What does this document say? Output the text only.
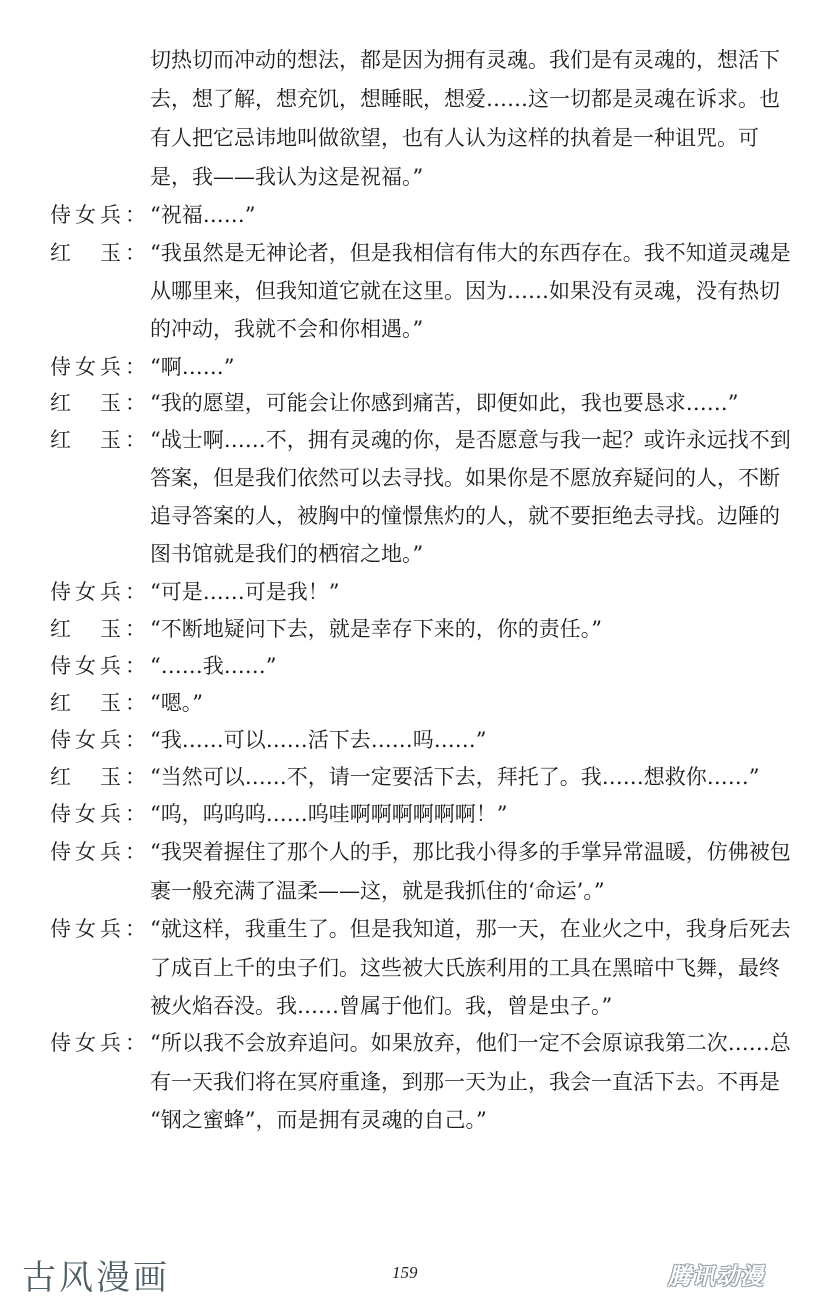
切热切而冲动的想法，都是因为拥有灵魂。我们是有灵魂的，想活下
去，想了解，想充饥，想睡眠，想爱……这一切都是灵魂在诉求。也
有人把它忌讳地叫做欲望，也有人认为这样的执着是一种诅咒。可
是，我——我认为这是祝福。”
侍女兵： “祝福……”
红　玉： “我虽然是无神论者，但是我相信有伟大的东西存在。我不知道灵魂是
从哪里来，但我知道它就在这里。因为……如果没有灵魂，没有热切
的冲动，我就不会和你相遇。”
侍女兵： “啊……”
红　玉： “我的愿望，可能会让你感到痛苦，即便如此，我也要恳求……”
红　玉： “战士啊……不，拥有灵魂的你，是否愿意与我一起？或许永远找不到
答案，但是我们依然可以去寻找。如果你是不愿放弃疑问的人，不断
追寻答案的人，被胸中的憧憬焦灼的人，就不要拒绝去寻找。边陲的
图书馆就是我们的栖宿之地。”
侍女兵： “可是……可是我！”
红　玉： “不断地疑问下去，就是幸存下来的，你的责任。”
侍女兵： “……我……”
红　玉： “嗯。”
侍女兵： “我……可以……活下去……吗……”
红　玉： “当然可以……不，请一定要活下去，拜托了。我……想救你……”
侍女兵： “呜，呜呜呜……呜哇啊啊啊啊啊啊！”
侍女兵： “我哭着握住了那个人的手，那比我小得多的手掌异常温暖，仿佛被包
裹一般充满了温柔——这，就是我抓住的‘命运’。”
侍女兵： “就这样，我重生了。但是我知道，那一天，在业火之中，我身后死去
了成百上千的虫子们。这些被大氏族利用的工具在黑暗中飞舞，最终
被火焰吞没。我……曾属于他们。我，曾是虫子。”
侍女兵： “所以我不会放弃追问。如果放弃，他们一定不会原谅我第二次……总
有一天我们将在冥府重逢，到那一天为止，我会一直活下去。不再是
“钢之蜜蜂”，而是拥有灵魂的自己。”
古风漫画	159	腾讯动漫
